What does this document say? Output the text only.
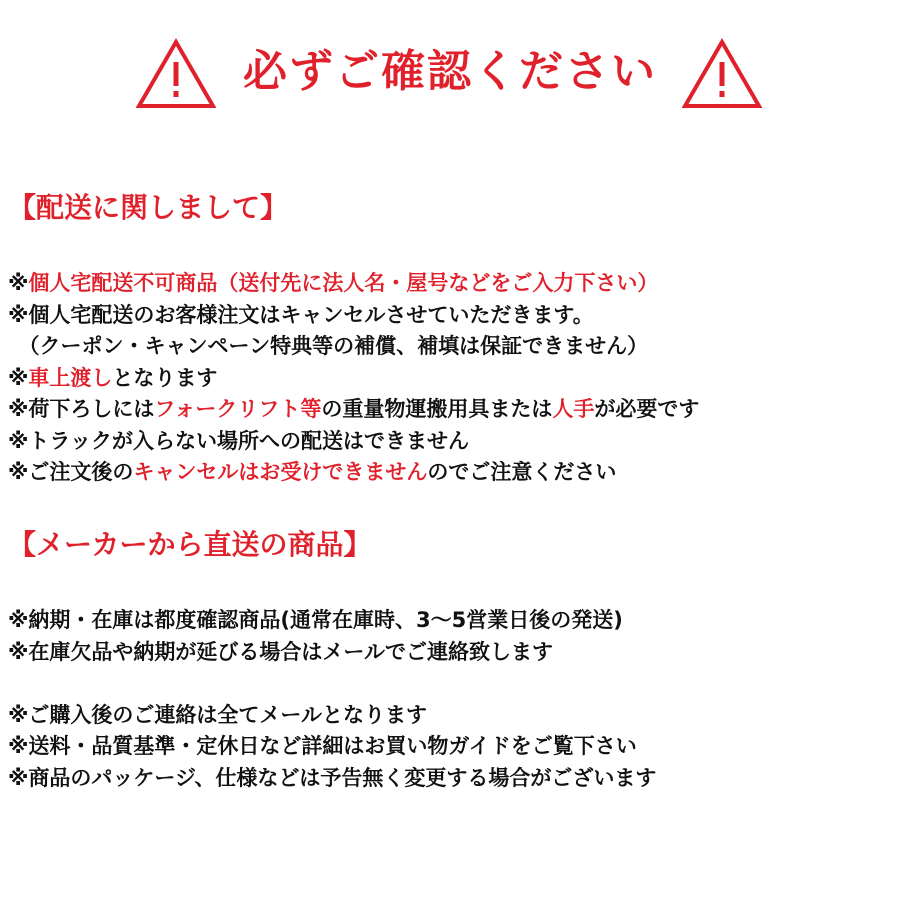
必ずご確認ください
【配送に関しまして】
※個人宅配送不可商品（送付先に法人名・屋号などをご入力下さい）
※個人宅配送のお客様注文はキャンセルさせていただきます。
　（クーポン・キャンペーン特典等の補償、補填は保証できません）
※車上渡しとなります
※荷下ろしにはフォークリフト等の重量物運搬用具または人手が必要です
※トラックが入らない場所への配送はできません
※ご注文後のキャンセルはお受けできませんのでご注意ください
【メーカーから直送の商品】
※納期・在庫は都度確認商品(通常在庫時、3～5営業日後の発送)
※在庫欠品や納期が延びる場合はメールでご連絡致します
※ご購入後のご連絡は全てメールとなります
※送料・品質基準・定休日など詳細はお買い物ガイドをご覧下さい
※商品のパッケージ、仕様などは予告無く変更する場合がございます
